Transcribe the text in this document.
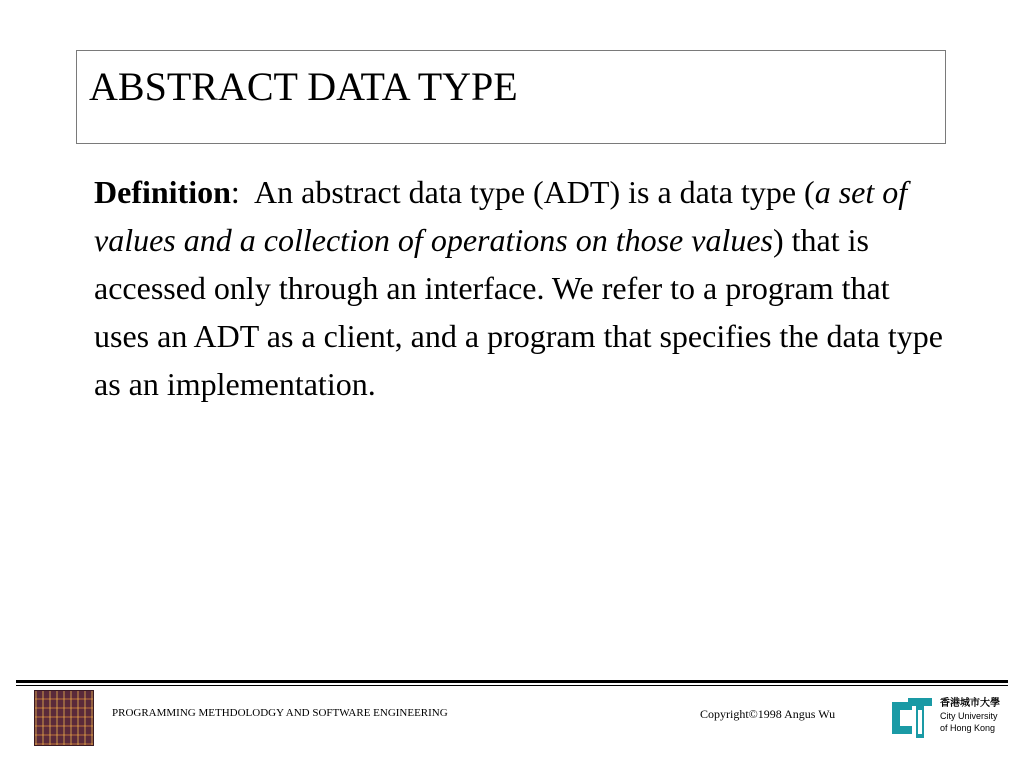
ABSTRACT DATA TYPE
Definition:  An abstract data type (ADT) is a data type (a set of values and a collection of operations on those values) that is accessed only through an interface. We refer to a program that uses an ADT as a client, and a program that specifies the data type as an implementation.
PROGRAMMING METHDOLODGY AND SOFTWARE ENGINEERING	Copyright©1998 Angus Wu
香港城市大學
City University
of Hong Kong
